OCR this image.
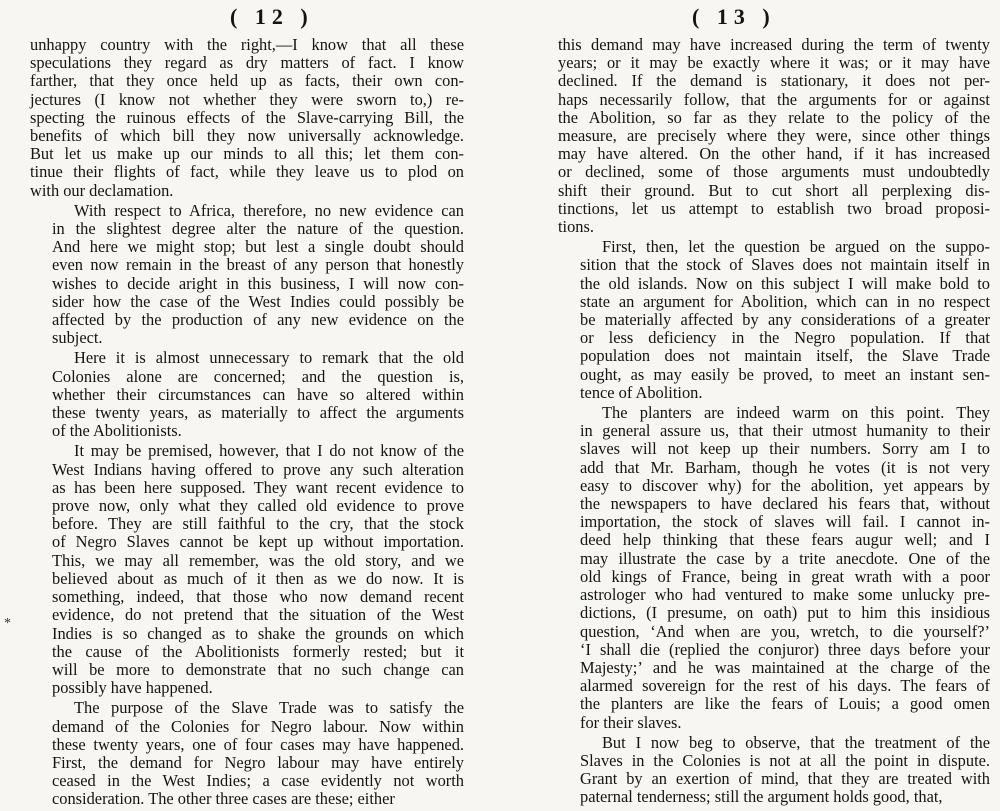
( 12 )
unhappy country with the right,—I know that all these
speculations they regard as dry matters of fact. I know
farther, that they once held up as facts, their own con-
jectures (I know not whether they were sworn to,) re-
specting the ruinous effects of the Slave-carrying Bill, the
benefits of which bill they now universally acknowledge.
But let us make up our minds to all this; let them con-
tinue their flights of fact, while they leave us to plod on
with our declamation.
With respect to Africa, therefore, no new evidence can
in the slightest degree alter the nature of the question.
And here we might stop; but lest a single doubt should
even now remain in the breast of any person that honestly
wishes to decide aright in this business, I will now con-
sider how the case of the West Indies could possibly be
affected by the production of any new evidence on the
subject.
Here it is almost unnecessary to remark that the old
Colonies alone are concerned; and the question is,
whether their circumstances can have so altered within
these twenty years, as materially to affect the arguments
of the Abolitionists.
It may be premised, however, that I do not know of the
West Indians having offered to prove any such alteration
as has been here supposed. They want recent evidence to
prove now, only what they called old evidence to prove
before. They are still faithful to the cry, that the stock
of Negro Slaves cannot be kept up without importation.
This, we may all remember, was the old story, and we
believed about as much of it then as we do now. It is
something, indeed, that those who now demand recent
evidence, do not pretend that the situation of the West
Indies is so changed as to shake the grounds on which
the cause of the Abolitionists formerly rested; but it
will be more to demonstrate that no such change can
possibly have happened.
The purpose of the Slave Trade was to satisfy the
demand of the Colonies for Negro labour. Now within
these twenty years, one of four cases may have happened.
First, the demand for Negro labour may have entirely
ceased in the West Indies; a case evidently not worth
consideration. The other three cases are these; either
*
( 13 )
this demand may have increased during the term of twenty
years; or it may be exactly where it was; or it may have
declined. If the demand is stationary, it does not per-
haps necessarily follow, that the arguments for or against
the Abolition, so far as they relate to the policy of the
measure, are precisely where they were, since other things
may have altered. On the other hand, if it has increased
or declined, some of those arguments must undoubtedly
shift their ground. But to cut short all perplexing dis-
tinctions, let us attempt to establish two broad proposi-
tions.
First, then, let the question be argued on the suppo-
sition that the stock of Slaves does not maintain itself in
the old islands. Now on this subject I will make bold to
state an argument for Abolition, which can in no respect
be materially affected by any considerations of a greater
or less deficiency in the Negro population. If that
population does not maintain itself, the Slave Trade
ought, as may easily be proved, to meet an instant sen-
tence of Abolition.
The planters are indeed warm on this point. They
in general assure us, that their utmost humanity to their
slaves will not keep up their numbers. Sorry am I to
add that Mr. Barham, though he votes (it is not very
easy to discover why) for the abolition, yet appears by
the newspapers to have declared his fears that, without
importation, the stock of slaves will fail. I cannot in-
deed help thinking that these fears augur well; and I
may illustrate the case by a trite anecdote. One of the
old kings of France, being in great wrath with a poor
astrologer who had ventured to make some unlucky pre-
dictions, (I presume, on oath) put to him this insidious
question, ‘And when are you, wretch, to die yourself?’
‘I shall die (replied the conjuror) three days before your
Majesty;’ and he was maintained at the charge of the
alarmed sovereign for the rest of his days. The fears of
the planters are like the fears of Louis; a good omen
for their slaves.
But I now beg to observe, that the treatment of the
Slaves in the Colonies is not at all the point in dispute.
Grant by an exertion of mind, that they are treated with
paternal tenderness; still the argument holds good, that,
